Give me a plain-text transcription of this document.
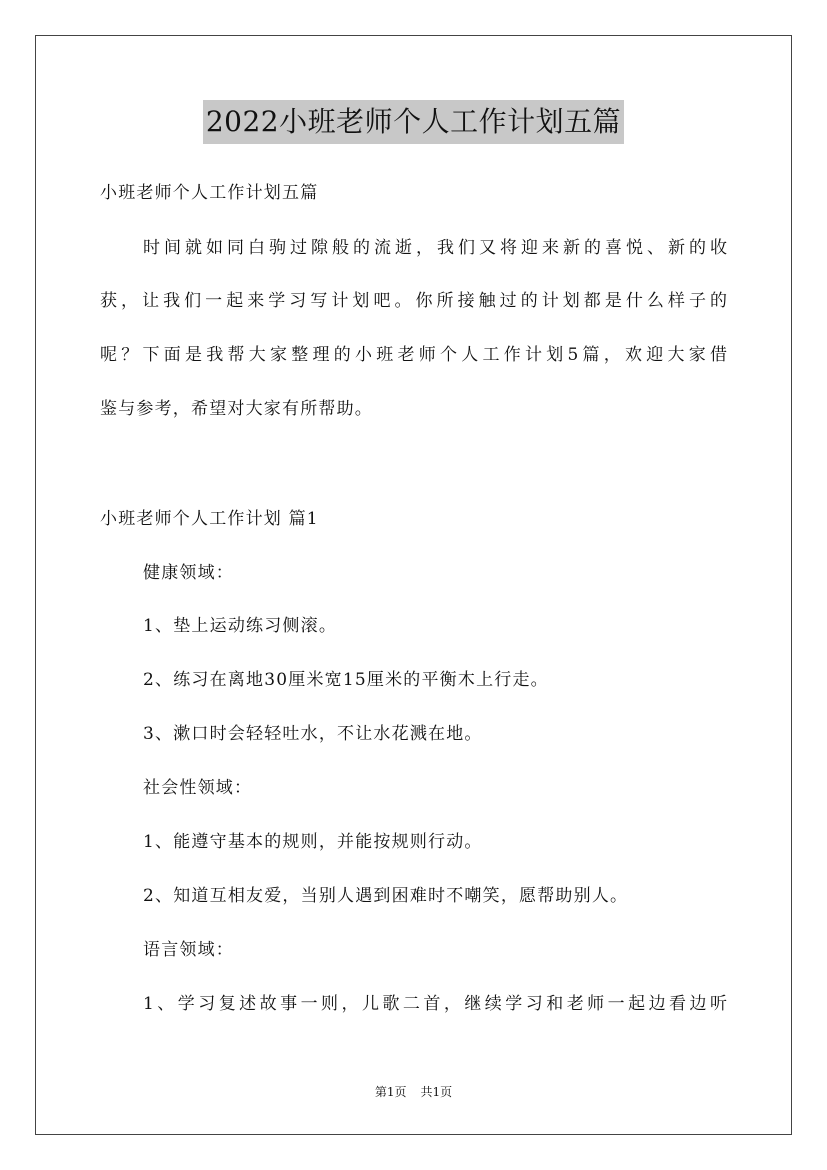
2022小班老师个人工作计划五篇
小班老师个人工作计划五篇
时间就如同白驹过隙般的流逝，我们又将迎来新的喜悦、新的收
获，让我们一起来学习写计划吧。你所接触过的计划都是什么样子的
呢？下面是我帮大家整理的小班老师个人工作计划5篇，欢迎大家借
鉴与参考，希望对大家有所帮助。
小班老师个人工作计划 篇1
健康领域：
1、垫上运动练习侧滚。
2、练习在离地30厘米宽15厘米的平衡木上行走。
3、漱口时会轻轻吐水，不让水花溅在地。
社会性领域：
1、能遵守基本的规则，并能按规则行动。
2、知道互相友爱，当别人遇到困难时不嘲笑，愿帮助别人。
语言领域：
1、学习复述故事一则，儿歌二首，继续学习和老师一起边看边听
第1页 共1页
